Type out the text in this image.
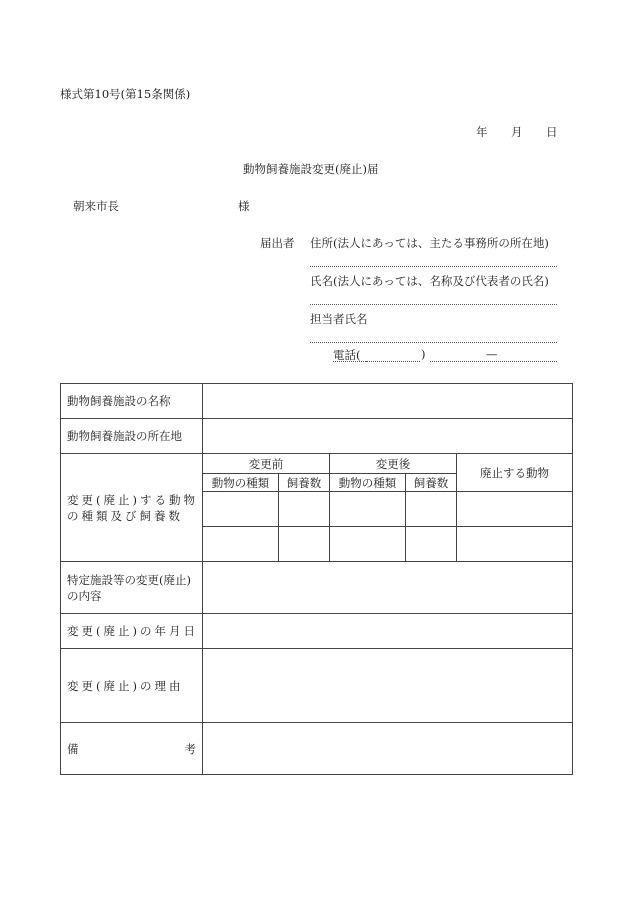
様式第10号(第15条関係)
年 月 日
動物飼養施設変更(廃止)届
朝来市長	様
届出者 住所(法人にあっては、主たる事務所の所在地)
氏名(法人にあっては、名称及び代表者の氏名)
担当者氏名
電話(	)	—
動物飼養施設の名称					

動物飼養施設の所在地					

変更(廃止)する動物
の種類及び飼養数	変更前		変更後		廃止する動物
	動物の種類	飼養数	動物の種類	飼養数	

特定施設等の変更(廃止)
の内容					

変更(廃止)の年月日					
変更(廃止)の理由					

備 考					
